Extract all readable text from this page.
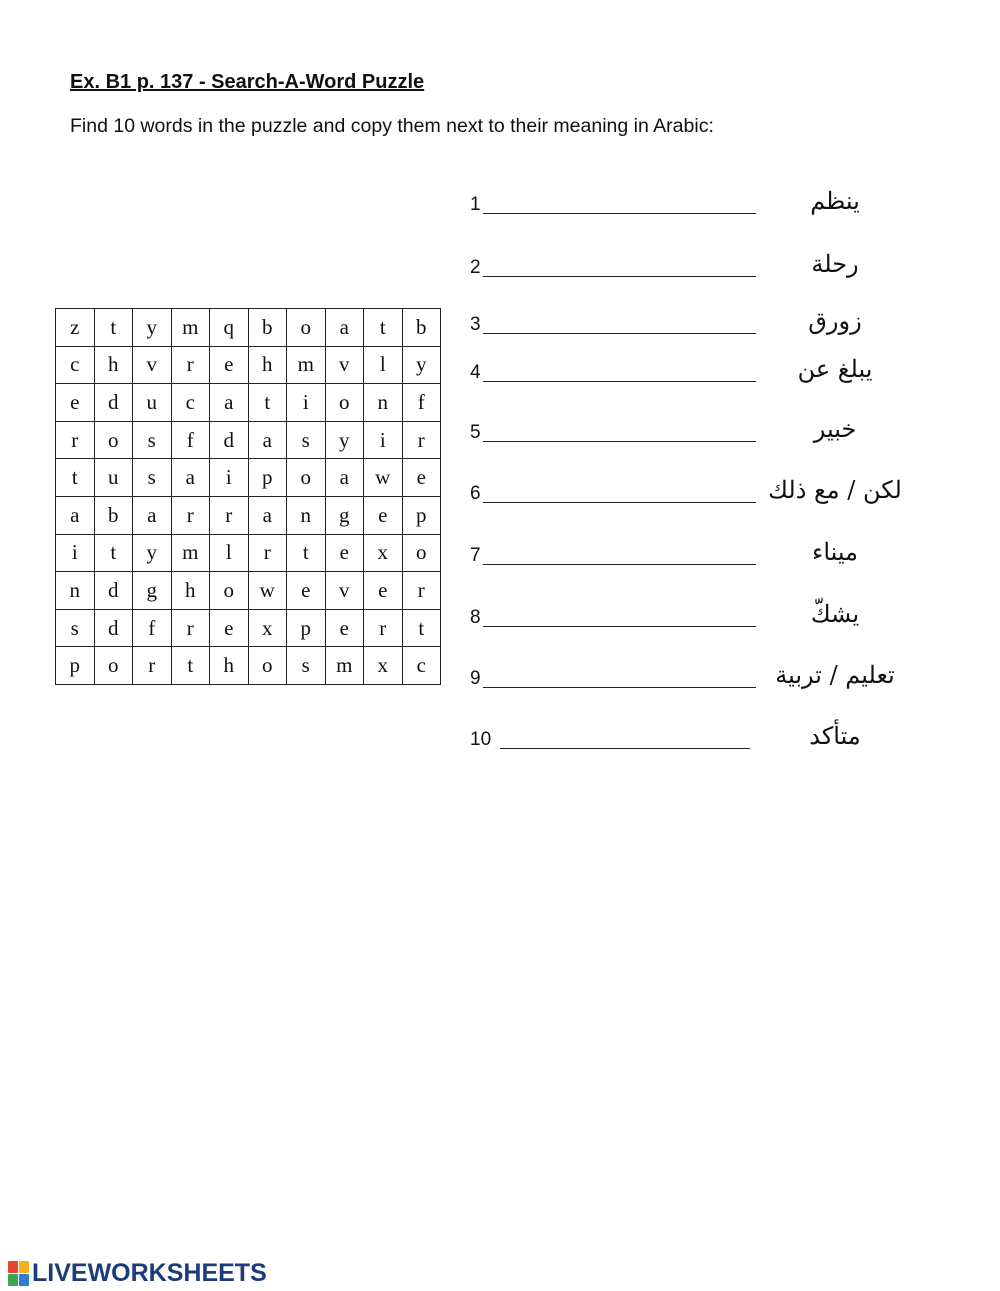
Ex. B1 p. 137 - Search-A-Word Puzzle
Find 10 words in the puzzle and copy them next to their meaning in Arabic:
z	t	y	m	q	b	o	a	t	b
c	h	v	r	e	h	m	v	l	y
e	d	u	c	a	t	i	o	n	f
r	o	s	f	d	a	s	y	i	r
t	u	s	a	i	p	o	a	w	e
a	b	a	r	r	a	n	g	e	p
i	t	y	m	l	r	t	e	x	o
n	d	g	h	o	w	e	v	e	r
s	d	f	r	e	x	p	e	r	t
p	o	r	t	h	o	s	m	x	c
1	ينظم
2	رحلة
3	زورق
4	يبلغ عن
5	خبير
6	لكن / مع ذلك
7	ميناء
8	يشكّ
9	تعليم / تربية
10	متأكد
LIVEWORKSHEETS
